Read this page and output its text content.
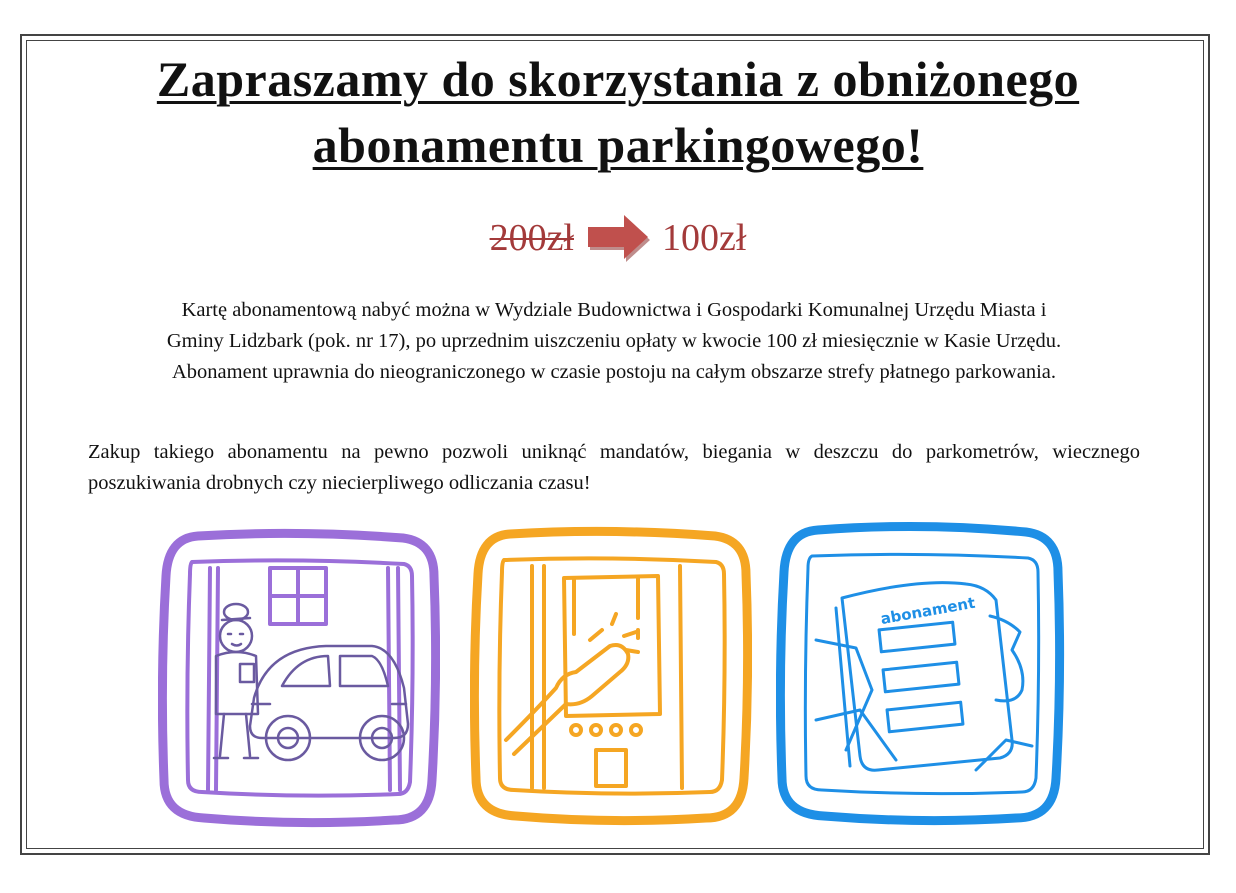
Zapraszamy do skorzystania z obniżonego
abonamentu parkingowego!
200zł 100zł
Kartę abonamentową nabyć można w Wydziale Budownictwa i Gospodarki Komunalnej Urzędu Miasta i
Gminy Lidzbark (pok. nr 17), po uprzednim uiszczeniu opłaty w kwocie 100 zł miesięcznie w Kasie Urzędu.
Abonament uprawnia do nieograniczonego w czasie postoju na całym obszarze strefy płatnego parkowania.
Zakup takiego abonamentu na pewno pozwoli uniknąć mandatów, biegania w deszczu do parkometrów, wiecznego poszukiwania drobnych czy niecierpliwego odliczania czasu!
abonament
